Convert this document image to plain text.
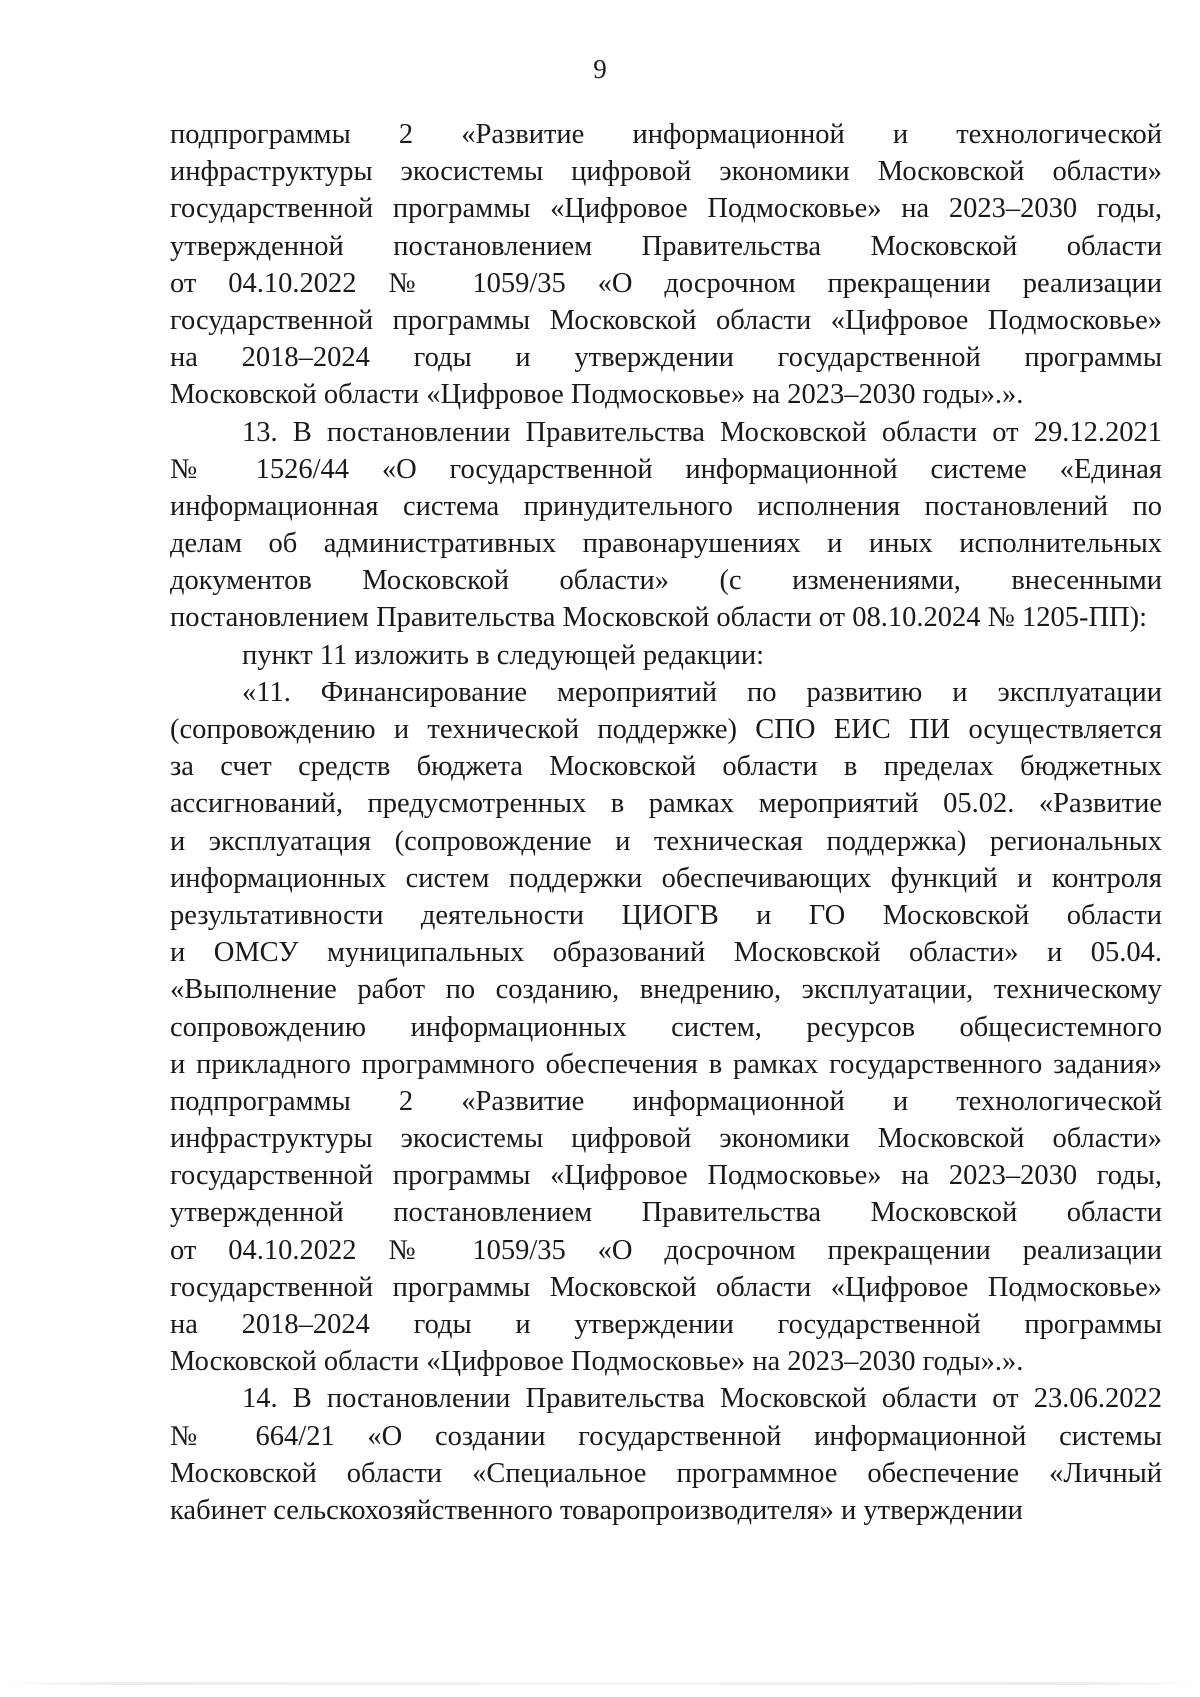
9
подпрограммы 2 «Развитие информационной и технологической
инфраструктуры экосистемы цифровой экономики Московской области»
государственной программы «Цифровое Подмосковье» на 2023–2030 годы,
утвержденной постановлением Правительства Московской области
от 04.10.2022 № 1059/35 «О досрочном прекращении реализации
государственной программы Московской области «Цифровое Подмосковье»
на 2018–2024 годы и утверждении государственной программы
Московской области «Цифровое Подмосковье» на 2023–2030 годы».».
13. В постановлении Правительства Московской области от 29.12.2021
№ 1526/44 «О государственной информационной системе «Единая
информационная система принудительного исполнения постановлений по
делам об административных правонарушениях и иных исполнительных
документов Московской области» (с изменениями, внесенными
постановлением Правительства Московской области от 08.10.2024 № 1205-ПП):
пункт 11 изложить в следующей редакции:
«11. Финансирование мероприятий по развитию и эксплуатации
(сопровождению и технической поддержке) СПО ЕИС ПИ осуществляется
за счет средств бюджета Московской области в пределах бюджетных
ассигнований, предусмотренных в рамках мероприятий 05.02. «Развитие
и эксплуатация (сопровождение и техническая поддержка) региональных
информационных систем поддержки обеспечивающих функций и контроля
результативности деятельности ЦИОГВ и ГО Московской области
и ОМСУ муниципальных образований Московской области» и 05.04.
«Выполнение работ по созданию, внедрению, эксплуатации, техническому
сопровождению информационных систем, ресурсов общесистемного
и прикладного программного обеспечения в рамках государственного задания»
подпрограммы 2 «Развитие информационной и технологической
инфраструктуры экосистемы цифровой экономики Московской области»
государственной программы «Цифровое Подмосковье» на 2023–2030 годы,
утвержденной постановлением Правительства Московской области
от 04.10.2022 № 1059/35 «О досрочном прекращении реализации
государственной программы Московской области «Цифровое Подмосковье»
на 2018–2024 годы и утверждении государственной программы
Московской области «Цифровое Подмосковье» на 2023–2030 годы».».
14. В постановлении Правительства Московской области от 23.06.2022
№ 664/21 «О создании государственной информационной системы
Московской области «Специальное программное обеспечение «Личный
кабинет сельскохозяйственного товаропроизводителя» и утверждении
